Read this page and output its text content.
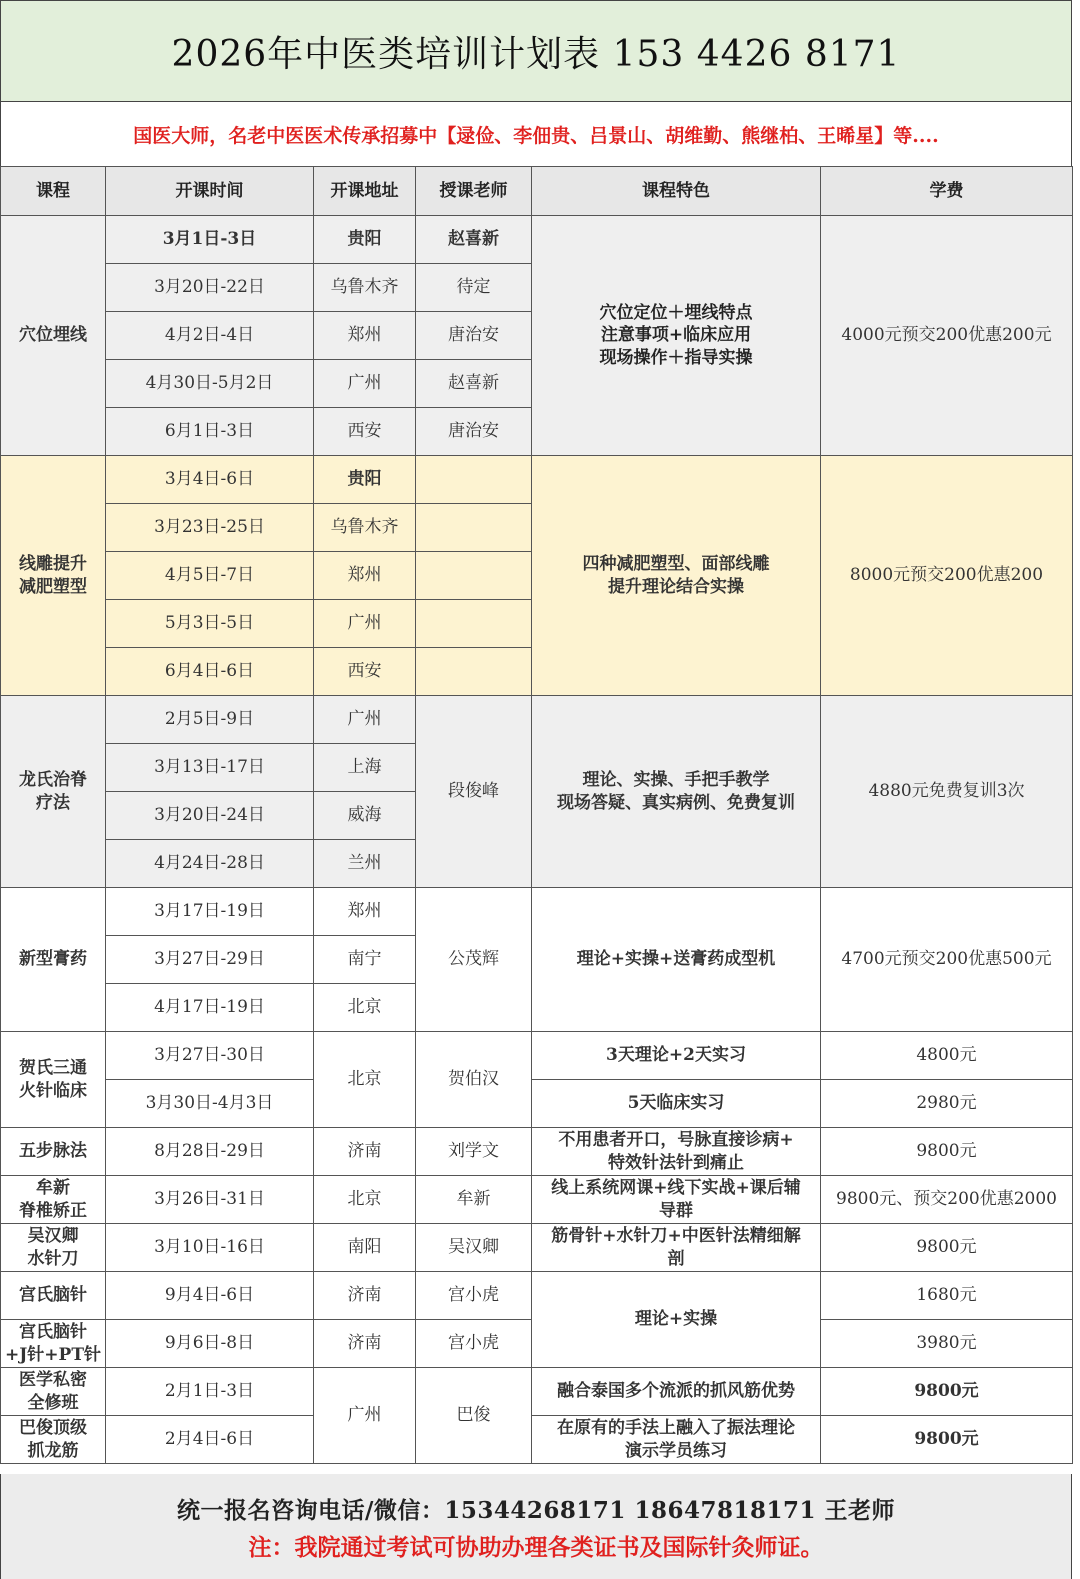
2026年中医类培训计划表 153 4426 8171
国医大师，名老中医医术传承招募中【逯俭、李佃贵、吕景山、胡维勤、熊继柏、王晞星】等....
课程	开课时间	开课地址	授课老师	课程特色	学费
穴位埋线	3月1日-3日	贵阳	赵喜新	穴位定位＋埋线特点
注意事项+临床应用
现场操作＋指导实操	4000元预交200优惠200元
	3月20日-22日	乌鲁木齐	待定		
	4月2日-4日	郑州	唐治安		
	4月30日-5月2日	广州	赵喜新		
	6月1日-3日	西安	唐治安		
线雕提升
减肥塑型	3月4日-6日	贵阳		四种减肥塑型、面部线雕
提升理论结合实操	8000元预交200优惠200
	3月23日-25日	乌鲁木齐			
	4月5日-7日	郑州			
	5月3日-5日	广州			
	6月4日-6日	西安			
龙氏治脊
疗法	2月5日-9日	广州	段俊峰	理论、实操、手把手教学
现场答疑、真实病例、免费复训	4880元免费复训3次
	3月13日-17日	上海			
	3月20日-24日	威海			
	4月24日-28日	兰州			
新型膏药	3月17日-19日	郑州	公茂辉	理论+实操+送膏药成型机	4700元预交200优惠500元
	3月27日-29日	南宁			
	4月17日-19日	北京			
贺氏三通
火针临床	3月27日-30日	北京	贺伯汉	3天理论+2天实习	4800元
	3月30日-4月3日			5天临床实习	2980元
五步脉法	8月28日-29日	济南	刘学文	不用患者开口，号脉直接诊病+
特效针法针到痛止	9800元
牟新
脊椎矫正	3月26日-31日	北京	牟新	线上系统网课+线下实战+课后辅
导群	9800元、预交200优惠2000
吴汉卿
水针刀	3月10日-16日	南阳	吴汉卿	筋骨针+水针刀+中医针法精细解
剖	9800元
宫氏脑针	9月4日-6日	济南	宫小虎	理论+实操	1680元
宫氏脑针
+J针+PT针	9月6日-8日	济南	宫小虎		3980元
医学私密
全修班	2月1日-3日	广州	巴俊	融合泰国多个流派的抓风筋优势	9800元
巴俊顶级
抓龙筋	2月4日-6日			在原有的手法上融入了振法理论
演示学员练习	9800元
统一报名咨询电话/微信：15344268171 18647818171 王老师
注：我院通过考试可协助办理各类证书及国际针灸师证。
